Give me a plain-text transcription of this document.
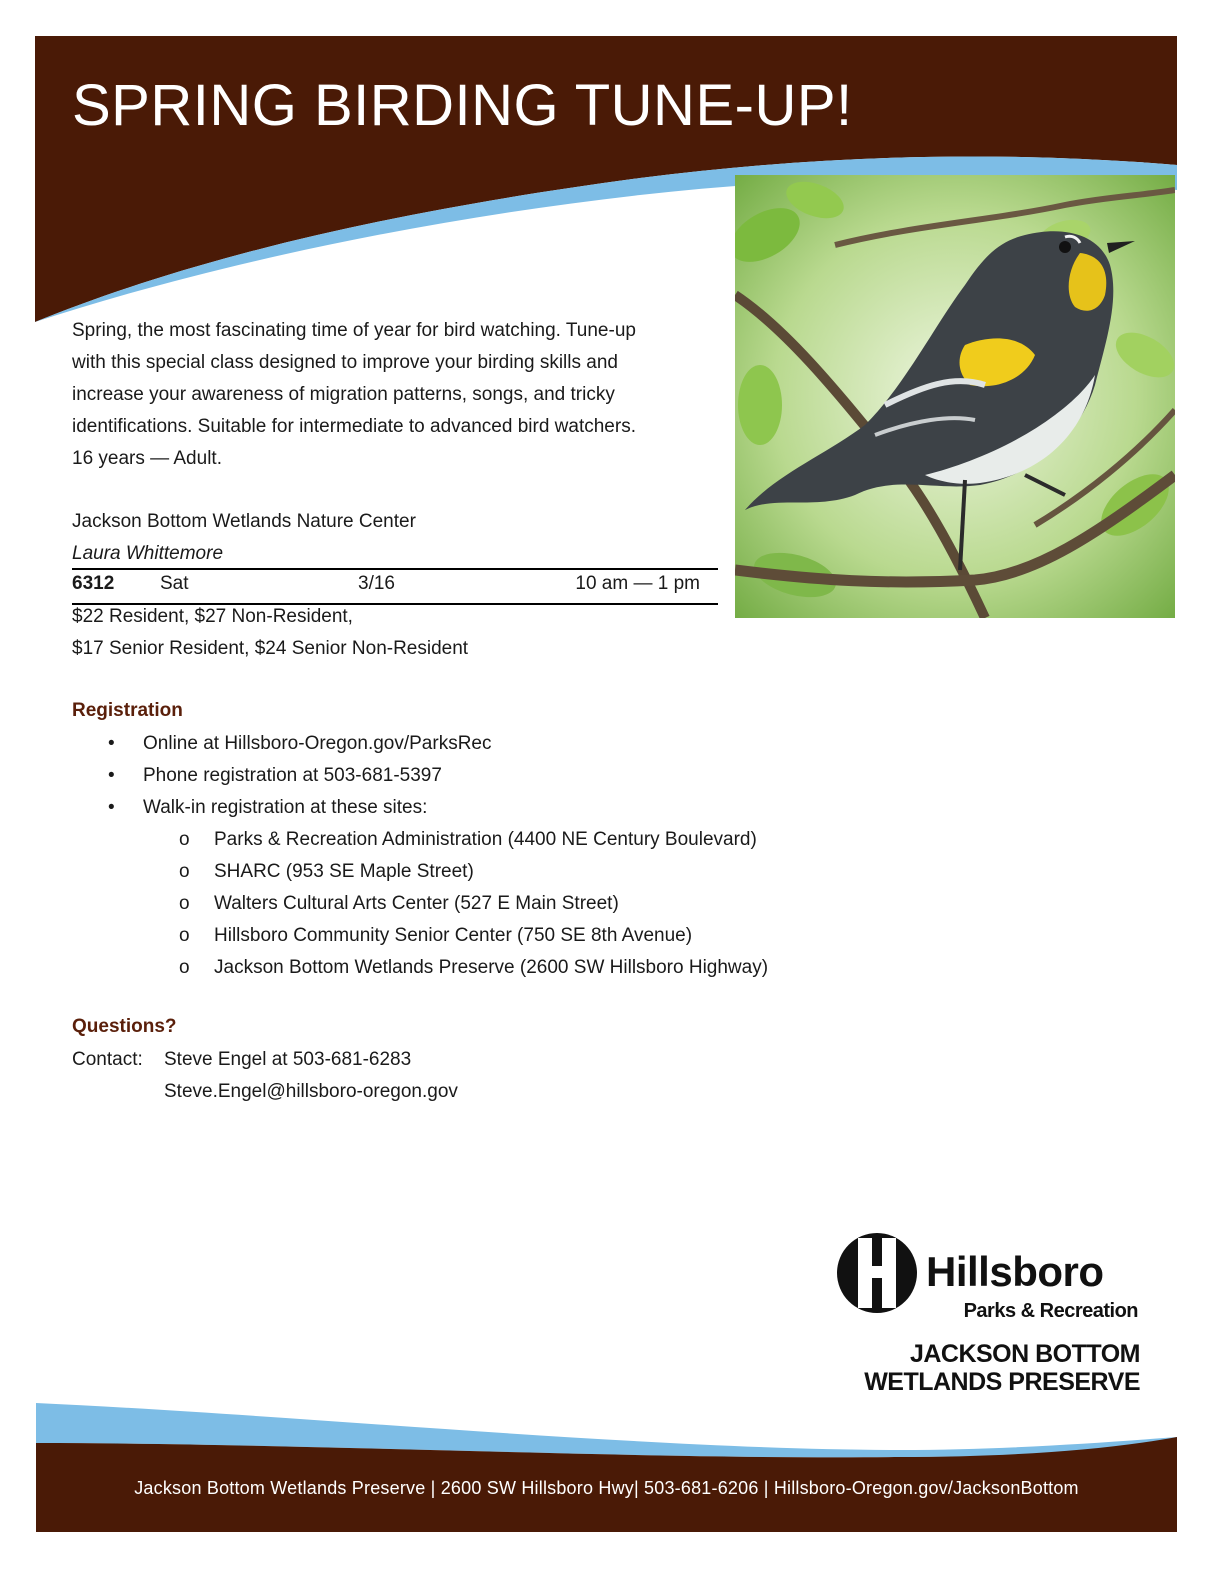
SPRING BIRDING TUNE-UP!

Spring, the most fascinating time of year for bird watching. Tune-up

with this special class designed to improve your birding skills and

increase your awareness of migration patterns, songs, and tricky

identifications. Suitable for intermediate to advanced bird watchers.

16 years — Adult.

Jackson Bottom Wetlands Nature Center
Laura Whittemore
6312 Sat	3/16	10 am — 1 pm
$22 Resident, $27 Non-Resident,
$17 Senior Resident, $24 Senior Non-Resident
Registration
• Online at Hillsboro-Oregon.gov/ParksRec
• Phone registration at 503-681-5397
• Walk-in registration at these sites:
o Parks & Recreation Administration (4400 NE Century Boulevard)
o SHARC (953 SE Maple Street)
o Walters Cultural Arts Center (527 E Main Street)
o Hillsboro Community Senior Center (750 SE 8th Avenue)
o Jackson Bottom Wetlands Preserve (2600 SW Hillsboro Highway)
Questions?
Contact: Steve Engel at 503-681-6283
Steve.Engel@hillsboro-oregon.gov
Hillsboro
Parks & Recreation
JACKSON BOTTOM
WETLANDS PRESERVE
Jackson Bottom Wetlands Preserve | 2600 SW Hillsboro Hwy| 503-681-6206 | Hillsboro-Oregon.gov/JacksonBottom
